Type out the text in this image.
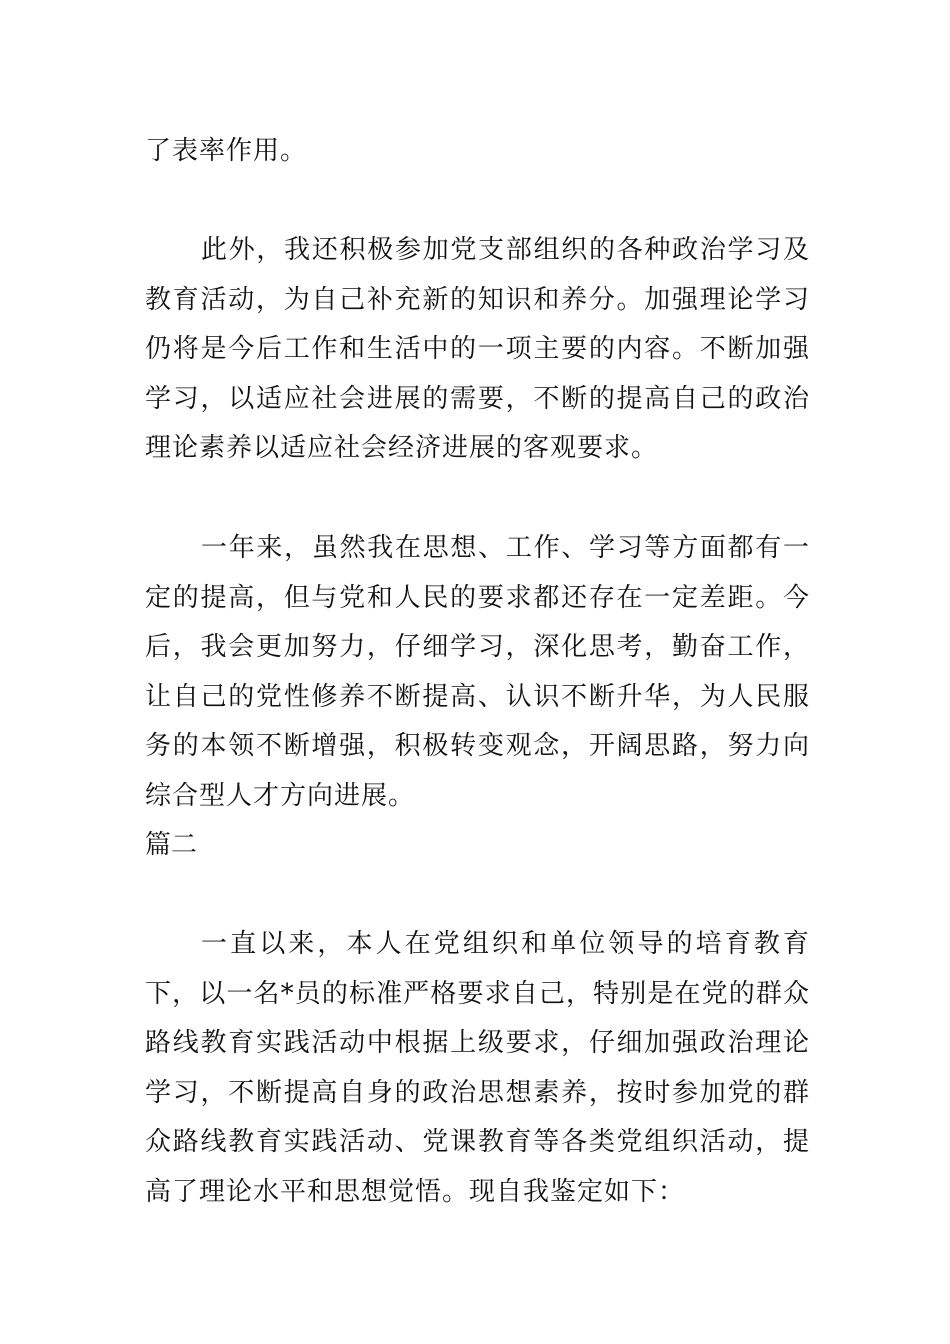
了表率作用。

此外，我还积极参加党支部组织的各种政治学习及教育活动，为自己补充新的知识和养分。加强理论学习仍将是今后工作和生活中的一项主要的内容。不断加强学习，以适应社会进展的需要，不断的提高自己的政治理论素养以适应社会经济进展的客观要求。

一年来，虽然我在思想、工作、学习等方面都有一定的提高，但与党和人民的要求都还存在一定差距。今后，我会更加努力，仔细学习，深化思考，勤奋工作，让自己的党性修养不断提高、认识不断升华，为人民服务的本领不断增强，积极转变观念，开阔思路，努力向综合型人才方向进展。

篇二

一直以来，本人在党组织和单位领导的培育教育下，以一名*员的标准严格要求自己，特别是在党的群众路线教育实践活动中根据上级要求，仔细加强政治理论学习，不断提高自身的政治思想素养，按时参加党的群众路线教育实践活动、党课教育等各类党组织活动，提高了理论水平和思想觉悟。现自我鉴定如下：
